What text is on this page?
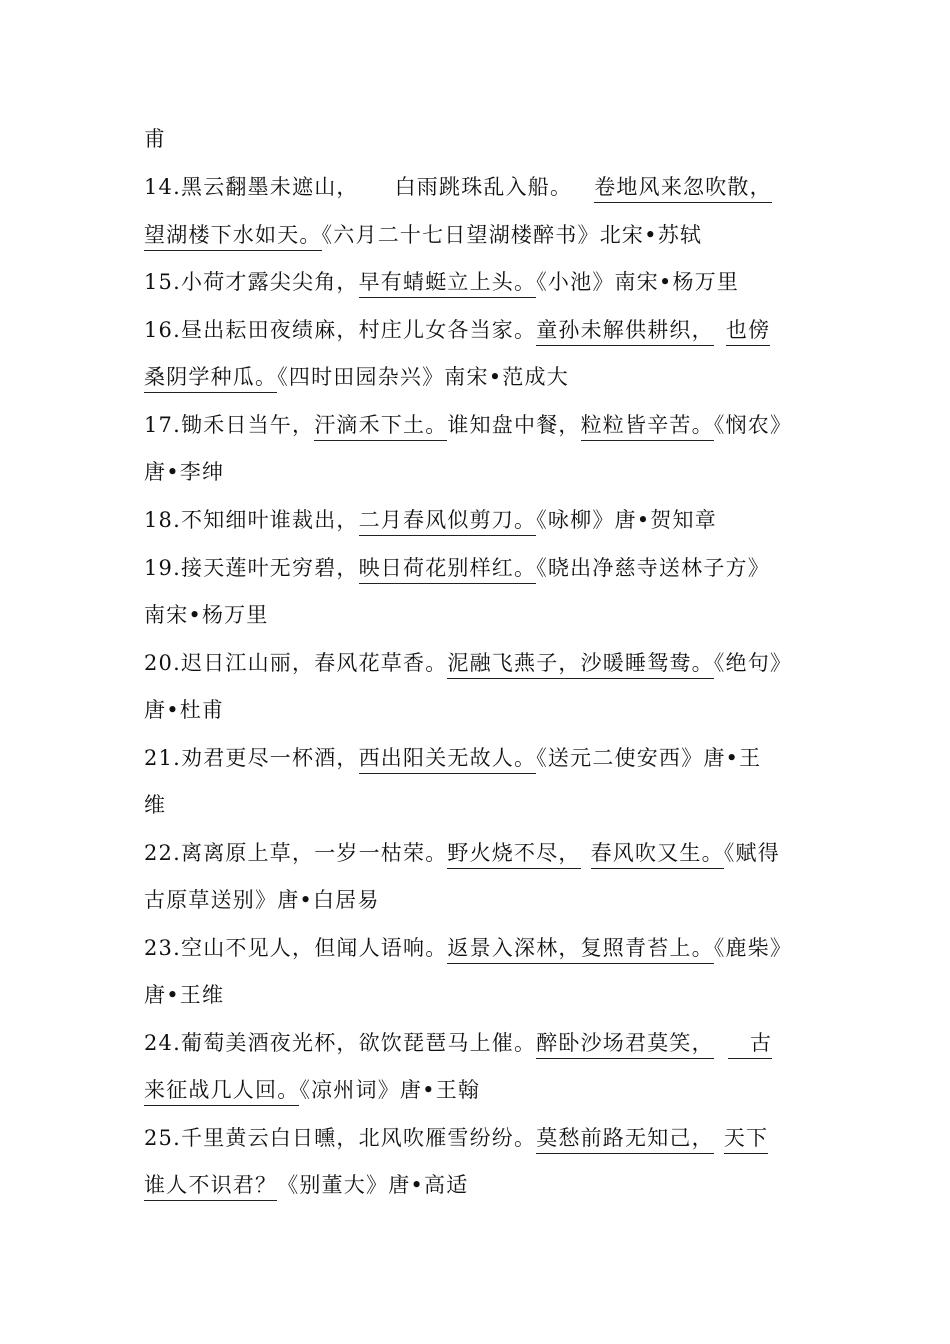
甫
14.黑云翻墨未遮山， 白雨跳珠乱入船。 卷地风来忽吹散，
望湖楼下水如天。《六月二十七日望湖楼醉书》北宋•苏轼
15.小荷才露尖尖角，早有蜻蜓立上头。《小池》南宋•杨万里
16.昼出耘田夜绩麻，村庄儿女各当家。童孙未解供耕织， 也傍
桑阴学种瓜。《四时田园杂兴》南宋•范成大
17.锄禾日当午，汗滴禾下土。谁知盘中餐，粒粒皆辛苦。《悯农》
唐•李绅
18.不知细叶谁裁出，二月春风似剪刀。《咏柳》唐•贺知章
19.接天莲叶无穷碧，映日荷花别样红。《晓出净慈寺送林子方》
南宋•杨万里
20.迟日江山丽，春风花草香。泥融飞燕子，沙暖睡鸳鸯。《绝句》
唐•杜甫
21.劝君更尽一杯酒，西出阳关无故人。《送元二使安西》唐•王
维
22.离离原上草，一岁一枯荣。野火烧不尽， 春风吹又生。《赋得
古原草送别》唐•白居易
23.空山不见人，但闻人语响。返景入深林，复照青苔上。《鹿柴》
唐•王维
24.葡萄美酒夜光杯，欲饮琵琶马上催。醉卧沙场君莫笑，　古
来征战几人回。《凉州词》唐•王翰
25.千里黄云白日曛，北风吹雁雪纷纷。莫愁前路无知己， 天下
谁人不识君？《别董大》唐•高适
